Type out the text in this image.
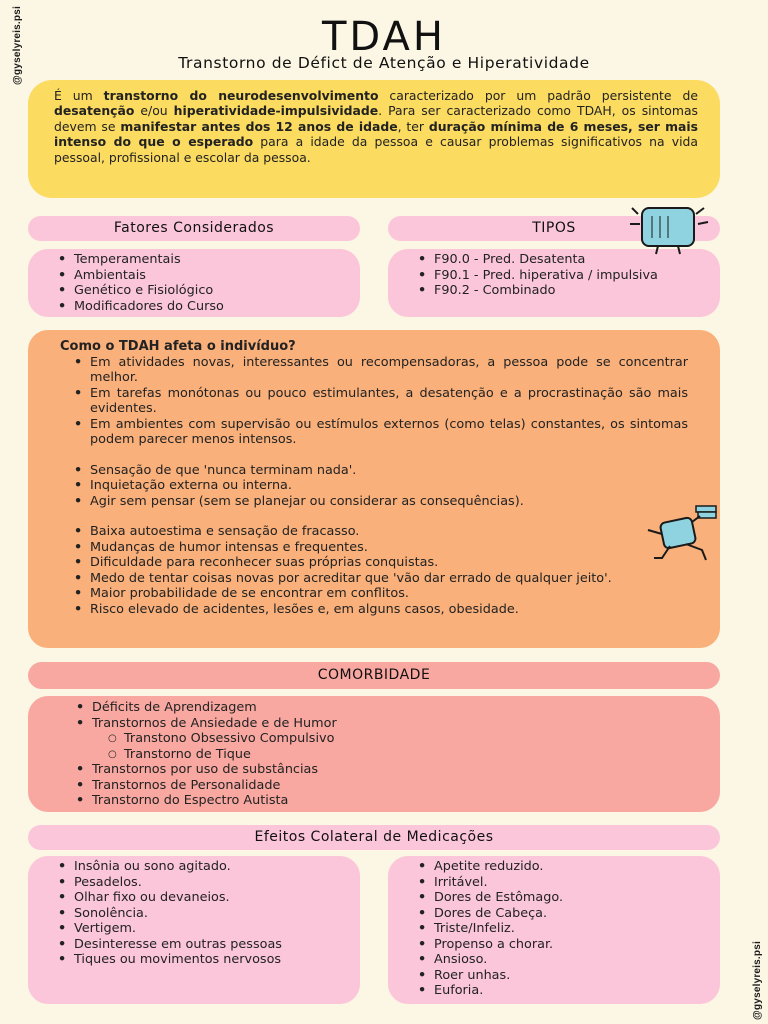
@gyselyreis.psi
@gyselyreis.psi
TDAH
Transtorno de Défict de Atenção e Hiperatividade

É um transtorno do neurodesenvolvimento caracterizado por um padrão persistente de desatenção e/ou hiperatividade-impulsividade. Para ser caracterizado como TDAH, os sintomas devem se manifestar antes dos 12 anos de idade, ter duração mínima de 6 meses, ser mais intenso do que o esperado para a idade da pessoa e causar problemas significativos na vida pessoal, profissional e escolar da pessoa.

Fatores Considerados
• Temperamentais
• Ambientais
• Genético e Fisiológico
• Modificadores do Curso
TIPOS
• F90.0 - Pred. Desatenta
• F90.1 - Pred. hiperativa / impulsiva
• F90.2 - Combinado
Como o TDAH afeta o indivíduo?
• Em atividades novas, interessantes ou recompensadoras, a pessoa pode se concentrar melhor.
• Em tarefas monótonas ou pouco estimulantes, a desatenção e a procrastinação são mais evidentes.
• Em ambientes com supervisão ou estímulos externos (como telas) constantes, os sintomas podem parecer menos intensos.
• Sensação de que 'nunca terminam nada'.
• Inquietação externa ou interna.
• Agir sem pensar (sem se planejar ou considerar as consequências).
• Baixa autoestima e sensação de fracasso.
• Mudanças de humor intensas e frequentes.
• Dificuldade para reconhecer suas próprias conquistas.
• Medo de tentar coisas novas por acreditar que 'vão dar errado de qualquer jeito'.
• Maior probabilidade de se encontrar em conflitos.
• Risco elevado de acidentes, lesões e, em alguns casos, obesidade.
COMORBIDADE
• Déficits de Aprendizagem
• Transtornos de Ansiedade e de Humor
○ Transtono Obsessivo Compulsivo
○ Transtorno de Tique
• Transtornos por uso de substâncias
• Transtornos de Personalidade
• Transtorno do Espectro Autista
Efeitos Colateral de Medicações
• Insônia ou sono agitado.
• Pesadelos.
• Olhar fixo ou devaneios.
• Sonolência.
• Vertigem.
• Desinteresse em outras pessoas
• Tiques ou movimentos nervosos
• Apetite reduzido.
• Irritável.
• Dores de Estômago.
• Dores de Cabeça.
• Triste/Infeliz.
• Propenso a chorar.
• Ansioso.
• Roer unhas.
• Euforia.
